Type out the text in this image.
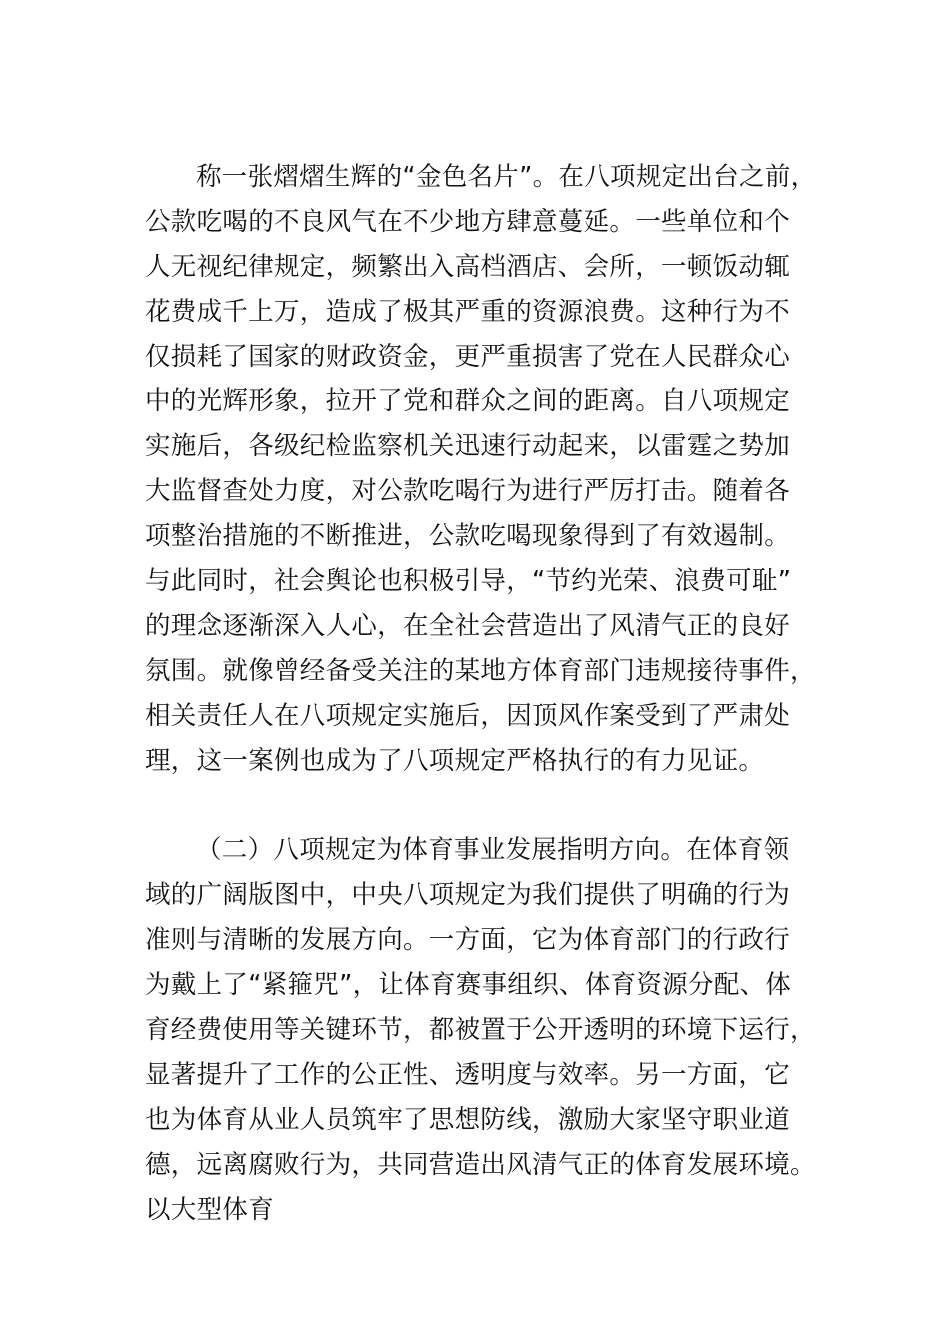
称一张熠熠生辉的“金色名片”。在八项规定出台之前，
公款吃喝的不良风气在不少地方肆意蔓延。一些单位和个
人无视纪律规定，频繁出入高档酒店、会所，一顿饭动辄
花费成千上万，造成了极其严重的资源浪费。这种行为不
仅损耗了国家的财政资金，更严重损害了党在人民群众心
中的光辉形象，拉开了党和群众之间的距离。自八项规定
实施后，各级纪检监察机关迅速行动起来，以雷霆之势加
大监督查处力度，对公款吃喝行为进行严厉打击。随着各
项整治措施的不断推进，公款吃喝现象得到了有效遏制。
与此同时，社会舆论也积极引导，“节约光荣、浪费可耻”
的理念逐渐深入人心，在全社会营造出了风清气正的良好
氛围。就像曾经备受关注的某地方体育部门违规接待事件，
相关责任人在八项规定实施后，因顶风作案受到了严肃处
理，这一案例也成为了八项规定严格执行的有力见证。
（二）八项规定为体育事业发展指明方向。在体育领
域的广阔版图中，中央八项规定为我们提供了明确的行为
准则与清晰的发展方向。一方面，它为体育部门的行政行
为戴上了“紧箍咒”，让体育赛事组织、体育资源分配、体
育经费使用等关键环节，都被置于公开透明的环境下运行，
显著提升了工作的公正性、透明度与效率。另一方面，它
也为体育从业人员筑牢了思想防线，激励大家坚守职业道
德，远离腐败行为，共同营造出风清气正的体育发展环境。
以大型体育
